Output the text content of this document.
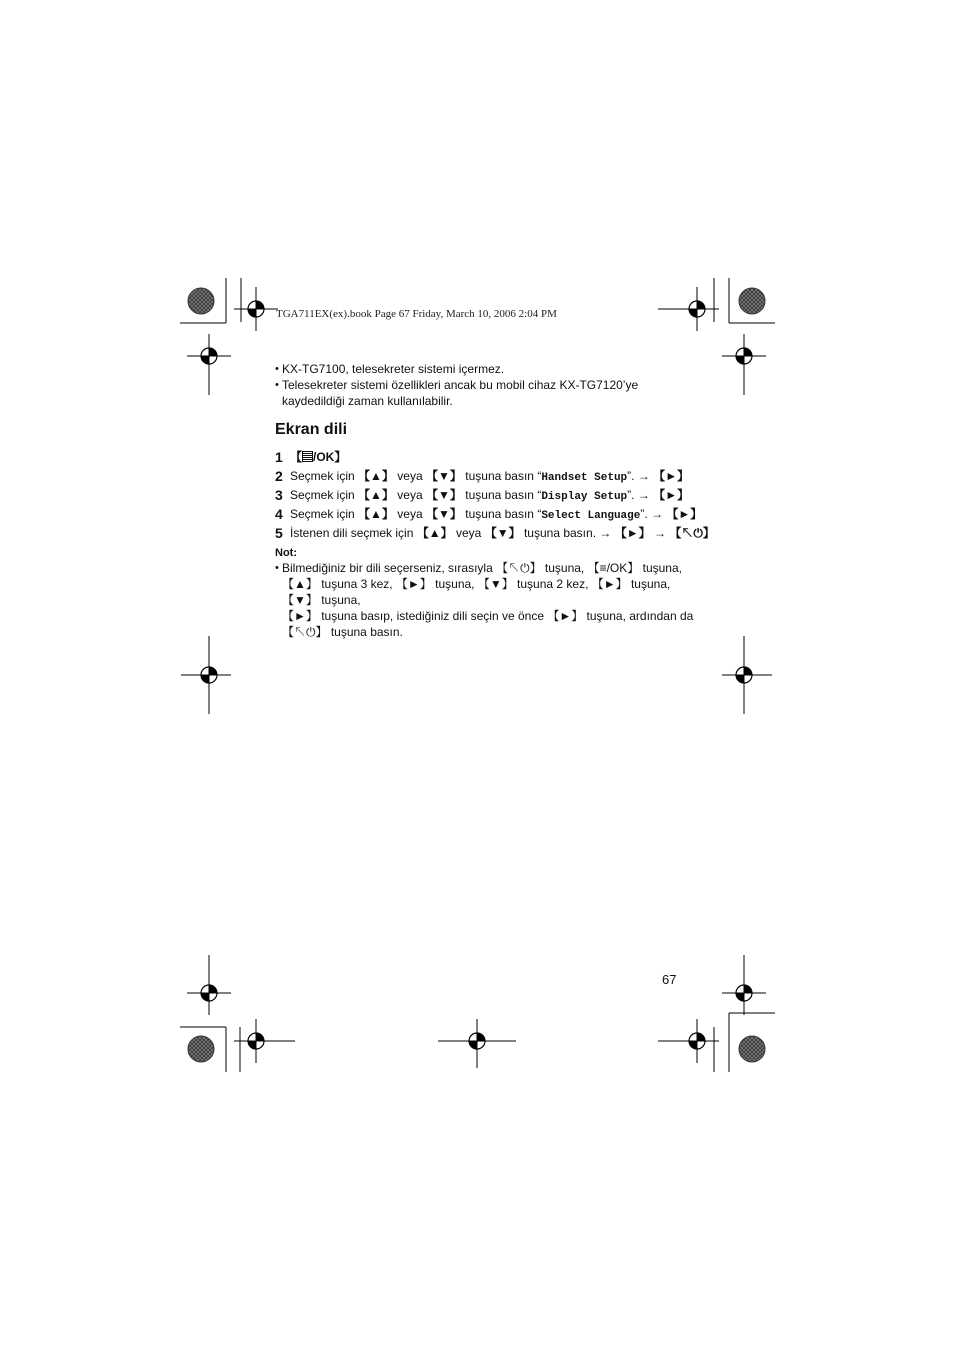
TGA711EX(ex).book Page 67 Friday, March 10, 2006 2:04 PM
• KX-TG7100, telesekreter sistemi içermez.
• Telesekreter sistemi özellikleri ancak bu mobil cihaz KX-TG7120’ye kaydedildiği zaman kullanılabilir.
Ekran dili
1 【 /OK】
2 Seçmek için 【▲】 veya 【▼】 tuşuna basın “Handset Setup”. → 【►】
3 Seçmek için 【▲】 veya 【▼】 tuşuna basın “Display Setup”. → 【►】
4 Seçmek için 【▲】 veya 【▼】 tuşuna basın “Select Language”. → 【►】
5 İstenen dili seçmek için 【▲】 veya 【▼】 tuşuna basın. → 【►】 → 【↖⏻】
Not:
• Bilmediğiniz bir dili seçerseniz, sırasıyla 【↖⏻】 tuşuna, 【≡/OK】 tuşuna,
【▲】 tuşuna 3 kez, 【►】 tuşuna, 【▼】 tuşuna 2 kez, 【►】 tuşuna, 【▼】 tuşuna,
【►】 tuşuna basıp, istediğiniz dili seçin ve önce 【►】 tuşuna, ardından da
【↖⏻】 tuşuna basın.
67
